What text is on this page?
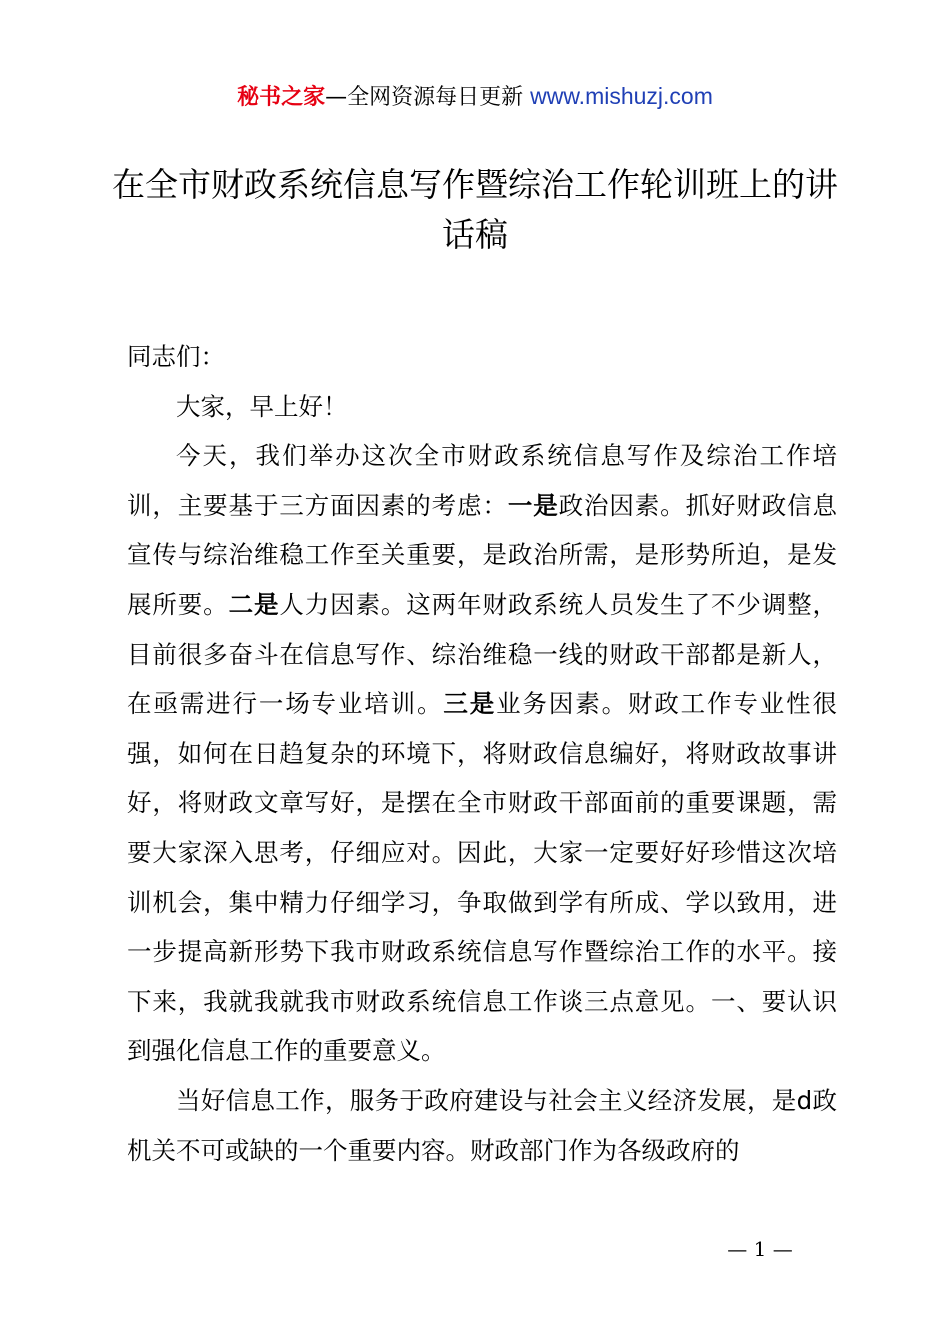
秘书之家—全网资源每日更新 www.mishuzj.com
在全市财政系统信息写作暨综治工作轮训班上的讲话稿

同志们：

大家，早上好！

今天，我们举办这次全市财政系统信息写作及综治工作培训，主要基于三方面因素的考虑：一是政治因素。抓好财政信息宣传与综治维稳工作至关重要，是政治所需，是形势所迫，是发展所要。二是人力因素。这两年财政系统人员发生了不少调整，目前很多奋斗在信息写作、综治维稳一线的财政干部都是新人，在亟需进行一场专业培训。三是业务因素。财政工作专业性很强，如何在日趋复杂的环境下，将财政信息编好，将财政故事讲好，将财政文章写好，是摆在全市财政干部面前的重要课题，需要大家深入思考，仔细应对。因此，大家一定要好好珍惜这次培训机会，集中精力仔细学习，争取做到学有所成、学以致用，进一步提高新形势下我市财政系统信息写作暨综治工作的水平。接下来，我就我就我市财政系统信息工作谈三点意见。一、要认识到强化信息工作的重要意义。

当好信息工作，服务于政府建设与社会主义经济发展，是d政机关不可或缺的一个重要内容。财政部门作为各级政府的

— 1 —
